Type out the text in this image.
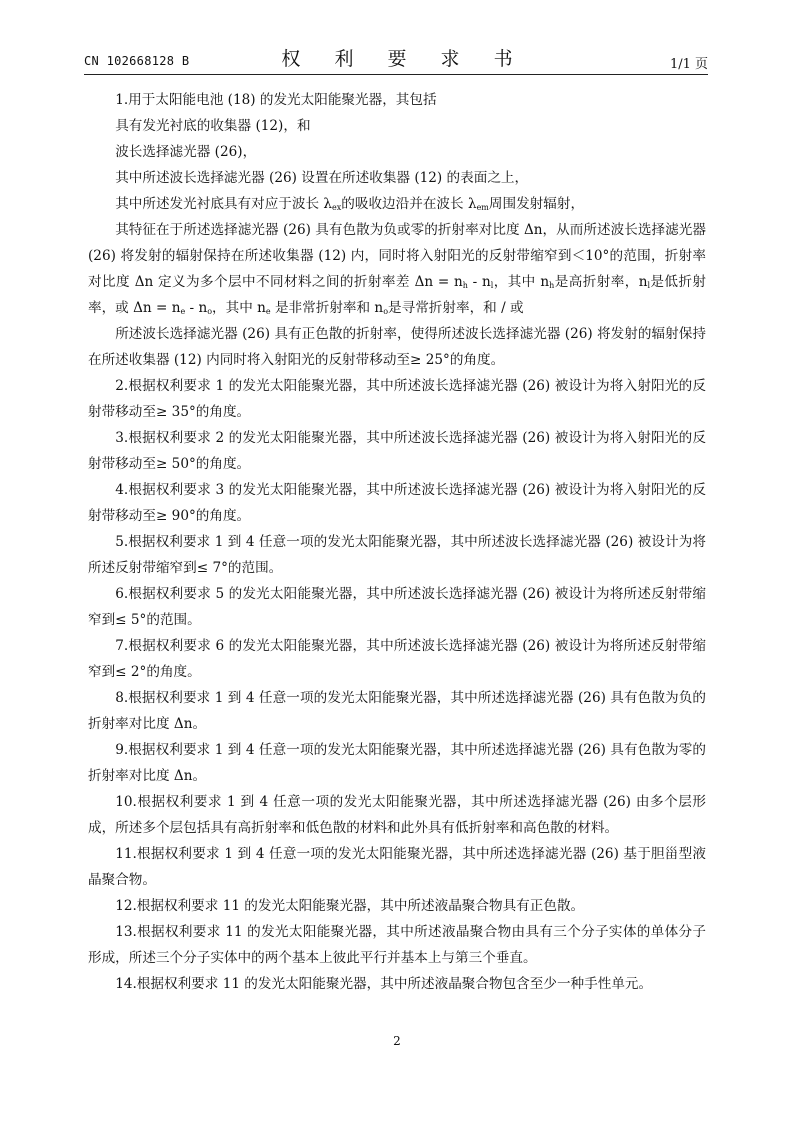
CN 102668128 B	权 利 要 求 书	1/1 页

1.用于太阳能电池 (18) 的发光太阳能聚光器，其包括

具有发光衬底的收集器 (12)，和

波长选择滤光器 (26)，

其中所述波长选择滤光器 (26) 设置在所述收集器 (12) 的表面之上，

其中所述发光衬底具有对应于波长 $\lambda_{ex}$的吸收边沿并在波长 $\lambda_{em}$周围发射辐射，

其特征在于所述选择滤光器 (26) 具有色散为负或零的折射率对比度 Δn，从而所述波长选择滤光器 (26) 将发射的辐射保持在所述收集器 (12) 内，同时将入射阳光的反射带缩窄到＜10°的范围，折射率对比度 Δn 定义为多个层中不同材料之间的折射率差 $\Delta n = n_h - n_l$，其中 $n_h$是高折射率，$n_l$是低折射率，或 $\Delta n = n_e - n_o$，其中 $n_e$ 是非常折射率和 $n_o$是寻常折射率，和 / 或

所述波长选择滤光器 (26) 具有正色散的折射率，使得所述波长选择滤光器 (26) 将发射的辐射保持在所述收集器 (12) 内同时将入射阳光的反射带移动至≥ 25°的角度。

2.根据权利要求 1 的发光太阳能聚光器，其中所述波长选择滤光器 (26) 被设计为将入射阳光的反射带移动至≥ 35°的角度。

3.根据权利要求 2 的发光太阳能聚光器，其中所述波长选择滤光器 (26) 被设计为将入射阳光的反射带移动至≥ 50°的角度。

4.根据权利要求 3 的发光太阳能聚光器，其中所述波长选择滤光器 (26) 被设计为将入射阳光的反射带移动至≥ 90°的角度。

5.根据权利要求 1 到 4 任意一项的发光太阳能聚光器，其中所述波长选择滤光器 (26) 被设计为将所述反射带缩窄到≤ 7°的范围。

6.根据权利要求 5 的发光太阳能聚光器，其中所述波长选择滤光器 (26) 被设计为将所述反射带缩窄到≤ 5°的范围。

7.根据权利要求 6 的发光太阳能聚光器，其中所述波长选择滤光器 (26) 被设计为将所述反射带缩窄到≤ 2°的角度。

8.根据权利要求 1 到 4 任意一项的发光太阳能聚光器，其中所述选择滤光器 (26) 具有色散为负的折射率对比度 Δn。

9.根据权利要求 1 到 4 任意一项的发光太阳能聚光器，其中所述选择滤光器 (26) 具有色散为零的折射率对比度 Δn。

10.根据权利要求 1 到 4 任意一项的发光太阳能聚光器，其中所述选择滤光器 (26) 由多个层形成，所述多个层包括具有高折射率和低色散的材料和此外具有低折射率和高色散的材料。

11.根据权利要求 1 到 4 任意一项的发光太阳能聚光器，其中所述选择滤光器 (26) 基于胆甾型液晶聚合物。

12.根据权利要求 11 的发光太阳能聚光器，其中所述液晶聚合物具有正色散。

13.根据权利要求 11 的发光太阳能聚光器，其中所述液晶聚合物由具有三个分子实体的单体分子形成，所述三个分子实体中的两个基本上彼此平行并基本上与第三个垂直。

14.根据权利要求 11 的发光太阳能聚光器，其中所述液晶聚合物包含至少一种手性单元。

2
